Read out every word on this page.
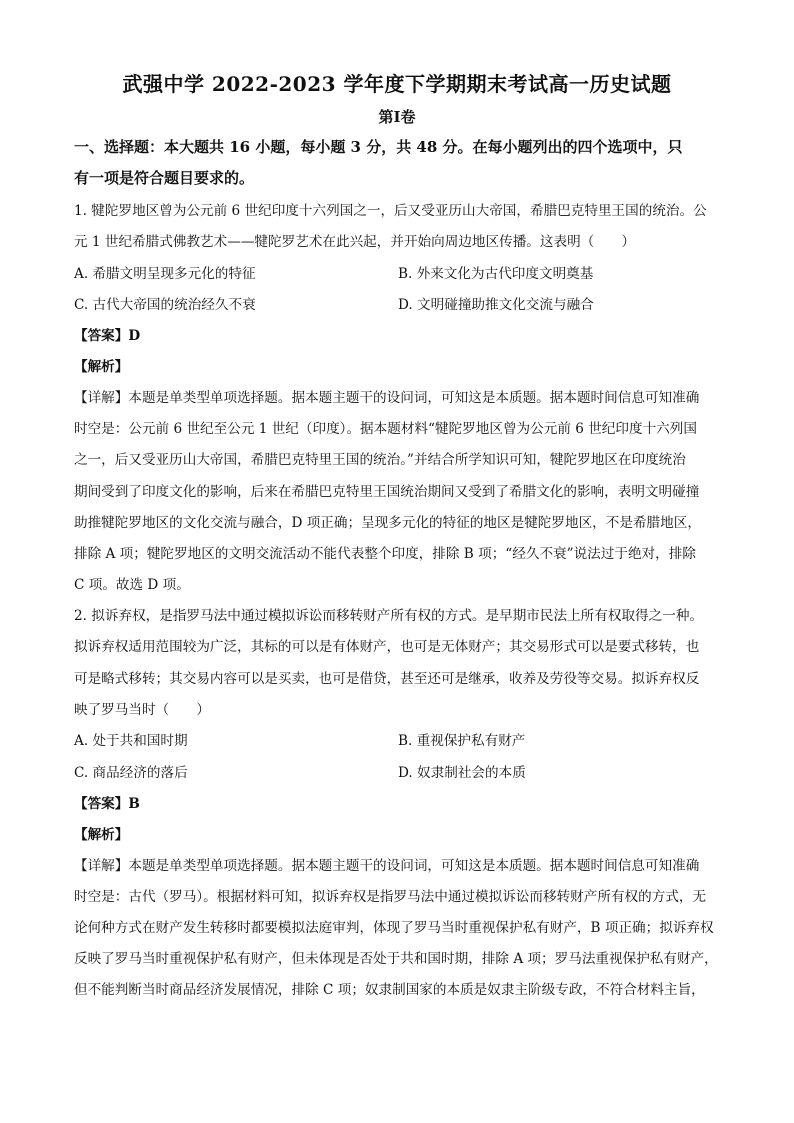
武强中学 2022-2023 学年度下学期期末考试高一历史试题
第Ⅰ卷
一、选择题：本大题共 16 小题，每小题 3 分，共 48 分。在每小题列出的四个选项中，只
有一项是符合题目要求的。
1. 犍陀罗地区曾为公元前 6 世纪印度十六列国之一，后又受亚历山大帝国，希腊巴克特里王国的统治。公
元 1 世纪希腊式佛教艺术——犍陀罗艺术在此兴起，并开始向周边地区传播。这表明（　　）
A. 希腊文明呈现多元化的特征	B. 外来文化为古代印度文明奠基
C. 古代大帝国的统治经久不衰	D. 文明碰撞助推文化交流与融合
【答案】D
【解析】
【详解】本题是单类型单项选择题。据本题主题干的设问词，可知这是本质题。据本题时间信息可知准确
时空是：公元前 6 世纪至公元 1 世纪（印度）。据本题材料“犍陀罗地区曾为公元前 6 世纪印度十六列国
之一，后又受亚历山大帝国，希腊巴克特里王国的统治。”并结合所学知识可知，犍陀罗地区在印度统治
期间受到了印度文化的影响，后来在希腊巴克特里王国统治期间又受到了希腊文化的影响，表明文明碰撞
助推犍陀罗地区的文化交流与融合，D 项正确；呈现多元化的特征的地区是犍陀罗地区，不是希腊地区，
排除 A 项；犍陀罗地区的文明交流活动不能代表整个印度，排除 B 项；“经久不衰”说法过于绝对，排除
C 项。故选 D 项。
2. 拟诉弃权，是指罗马法中通过模拟诉讼而移转财产所有权的方式。是早期市民法上所有权取得之一种。
拟诉弃权适用范围较为广泛，其标的可以是有体财产，也可是无体财产；其交易形式可以是要式移转，也
可是略式移转；其交易内容可以是买卖，也可是借贷，甚至还可是继承，收养及劳役等交易。拟诉弃权反
映了罗马当时（　　）
A. 处于共和国时期	B. 重视保护私有财产
C. 商品经济的落后	D. 奴隶制社会的本质
【答案】B
【解析】
【详解】本题是单类型单项选择题。据本题主题干的设问词，可知这是本质题。据本题时间信息可知准确
时空是：古代（罗马）。根据材料可知，拟诉弃权是指罗马法中通过模拟诉讼而移转财产所有权的方式，无
论何种方式在财产发生转移时都要模拟法庭审判，体现了罗马当时重视保护私有财产，B 项正确；拟诉弃权
反映了罗马当时重视保护私有财产，但未体现是否处于共和国时期，排除 A 项；罗马法重视保护私有财产，
但不能判断当时商品经济发展情况，排除 C 项；奴隶制国家的本质是奴隶主阶级专政，不符合材料主旨，
